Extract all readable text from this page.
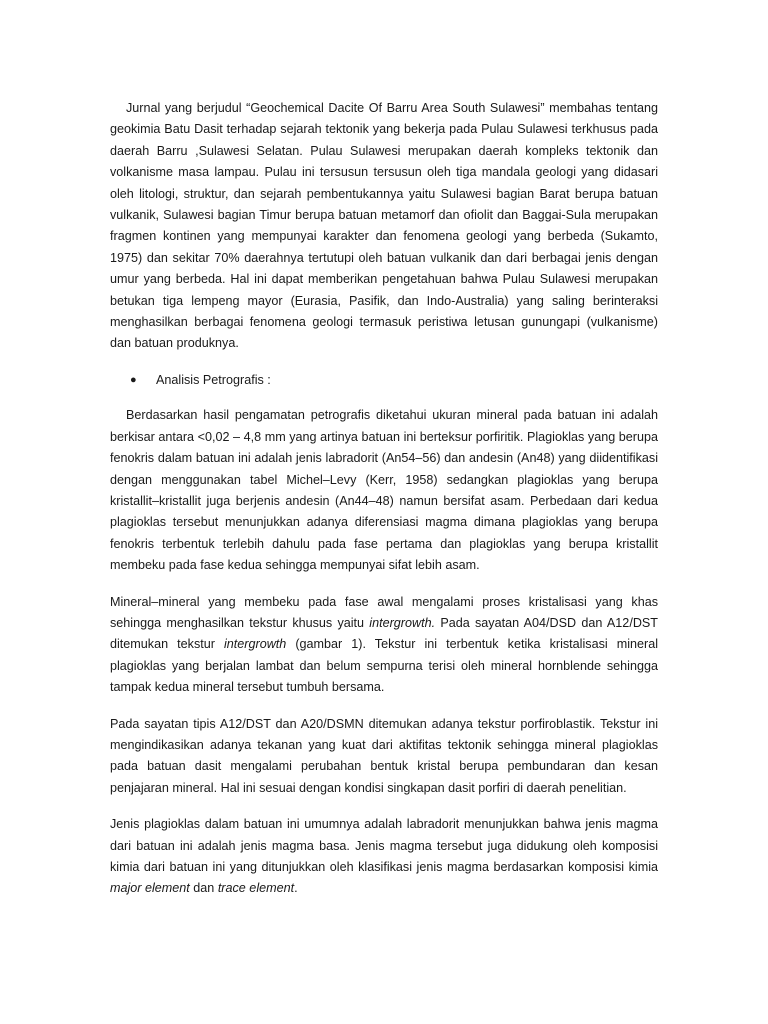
Jurnal yang berjudul “Geochemical Dacite Of Barru Area South Sulawesi” membahas tentang geokimia Batu Dasit terhadap sejarah tektonik yang bekerja pada Pulau Sulawesi terkhusus pada daerah Barru ,Sulawesi Selatan. Pulau Sulawesi merupakan daerah kompleks tektonik dan volkanisme masa lampau. Pulau ini tersusun tersusun oleh tiga mandala geologi yang didasari oleh litologi, struktur, dan sejarah pembentukannya yaitu Sulawesi bagian Barat berupa batuan vulkanik, Sulawesi bagian Timur berupa batuan metamorf dan ofiolit dan Baggai-Sula merupakan fragmen kontinen yang mempunyai karakter dan fenomena geologi yang berbeda (Sukamto, 1975) dan sekitar 70% daerahnya tertutupi oleh batuan vulkanik dan dari berbagai jenis dengan umur yang berbeda. Hal ini dapat memberikan pengetahuan bahwa Pulau Sulawesi merupakan betukan tiga lempeng mayor (Eurasia, Pasifik, dan Indo-Australia) yang saling berinteraksi menghasilkan berbagai fenomena geologi termasuk peristiwa letusan gunungapi (vulkanisme) dan batuan produknya.

●	Analisis Petrografis :

Berdasarkan hasil pengamatan petrografis diketahui ukuran mineral pada batuan ini adalah berkisar antara <0,02 – 4,8 mm yang artinya batuan ini berteksur porfiritik. Plagioklas yang berupa fenokris dalam batuan ini adalah jenis labradorit (An54–56) dan andesin (An48) yang diidentifikasi dengan menggunakan tabel Michel–Levy (Kerr, 1958) sedangkan plagioklas yang berupa kristallit–kristallit juga berjenis andesin (An44–48) namun bersifat asam. Perbedaan dari kedua plagioklas tersebut menunjukkan adanya diferensiasi magma dimana plagioklas yang berupa fenokris terbentuk terlebih dahulu pada fase pertama dan plagioklas yang berupa kristallit membeku pada fase kedua sehingga mempunyai sifat lebih asam.

Mineral–mineral yang membeku pada fase awal mengalami proses kristalisasi yang khas sehingga menghasilkan tekstur khusus yaitu intergrowth. Pada sayatan A04/DSD dan A12/DST ditemukan tekstur intergrowth (gambar 1). Tekstur ini terbentuk ketika kristalisasi mineral plagioklas yang berjalan lambat dan belum sempurna terisi oleh mineral hornblende sehingga tampak kedua mineral tersebut tumbuh bersama.

Pada sayatan tipis A12/DST dan A20/DSMN ditemukan adanya tekstur porfiroblastik. Tekstur ini mengindikasikan adanya tekanan yang kuat dari aktifitas tektonik sehingga mineral plagioklas pada batuan dasit mengalami perubahan bentuk kristal berupa pembundaran dan kesan penjajaran mineral. Hal ini sesuai dengan kondisi singkapan dasit porfiri di daerah penelitian.

Jenis plagioklas dalam batuan ini umumnya adalah labradorit menunjukkan bahwa jenis magma dari batuan ini adalah jenis magma basa. Jenis magma tersebut juga didukung oleh komposisi kimia dari batuan ini yang ditunjukkan oleh klasifikasi jenis magma berdasarkan komposisi kimia major element dan trace element.
